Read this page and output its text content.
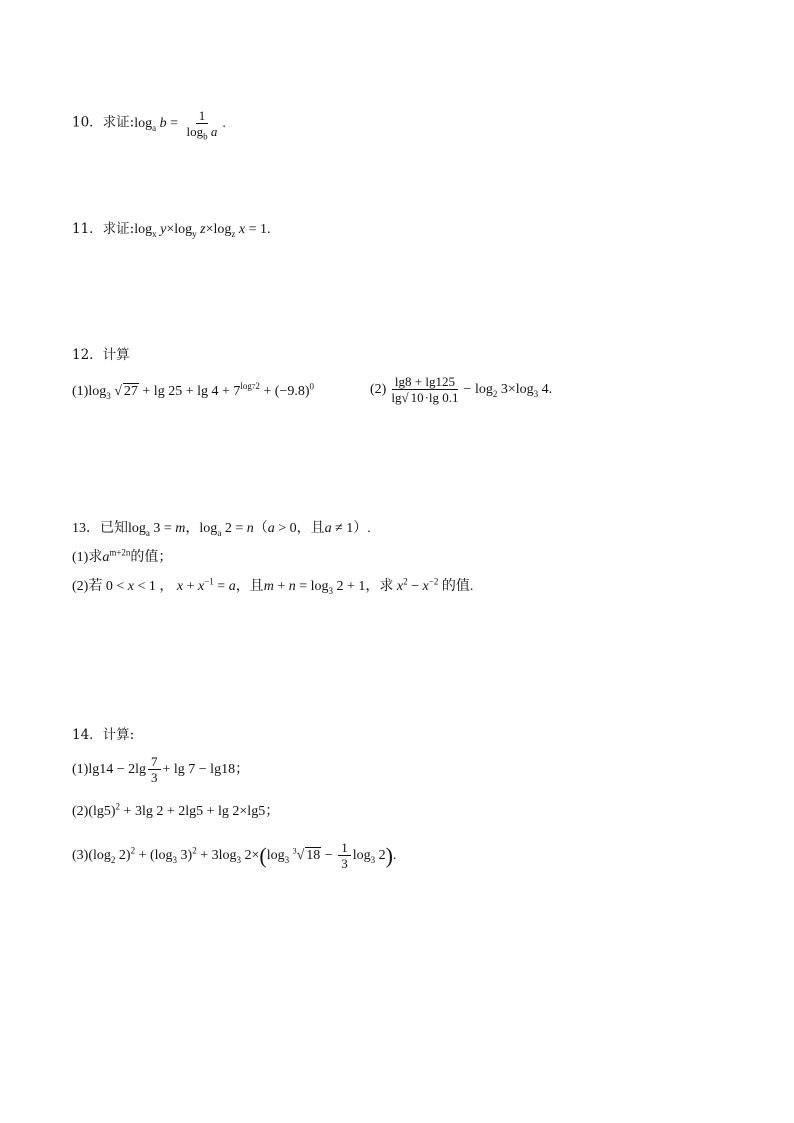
10．求证$:\log_a$ $b = \frac{1}{\log_b a}$ .
11．求证$:\log_x$ $y\times\log_y$ $z\times\log_z$ x = 1.
12．计算
$(1)\log_3$ √ $27 + \lg 25 + \lg 4 + 7^{log72} + (-9.8)^0$	$(2) \frac{\lg 8 + \lg 125}{\lg√ 10\cdot\lg 0.1} - \log_2 3\times\log_3$ 4.
13．已知$\log_a 3 = m$，$\log_a 2 = n(a > 0$，且a ≠ 1）.
(1)求$a^{m+2n}$的值；
(2)若 0 < x < 1 ， $x + x^{-1} = a$，且$m + n = \log_3 2 + 1$，求 $x^2 - x^{-2}$ 的值.
14．计算:
$(1)\lg 14 - 2\lg \frac{7}{3} + \lg 7 - \lg 18$；
$(2)(\lg 5)^2 + 3\lg$ 2 + 2lg5 + lg 2×lg5；
$(3)(\log_2$ $2)^2 + (\log_3$ $3)^2 + 3\log_3$ $2\times(\log_3$ $^3$√ $18 - \frac{1}{3} \log_3 2$).
